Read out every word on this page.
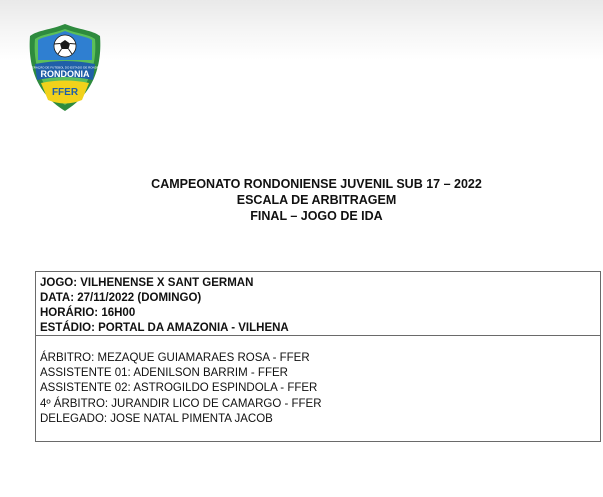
FEDERAÇÃO DE FUTEBOL DO ESTADO DE RONDÔNIA
RONDONIA
FFER
CAMPEONATO RONDONIENSE JUVENIL SUB 17 – 2022
ESCALA DE ARBITRAGEM
FINAL – JOGO DE IDA
JOGO: VILHENENSE X SANT GERMAN
DATA: 27/11/2022 (DOMINGO)
HORÁRIO: 16H00
ESTÁDIO: PORTAL DA AMAZONIA - VILHENA
ÁRBITRO: MEZAQUE GUIAMARAES ROSA - FFER
ASSISTENTE 01: ADENILSON BARRIM - FFER
ASSISTENTE 02: ASTROGILDO ESPINDOLA - FFER
4º ÁRBITRO: JURANDIR LICO DE CAMARGO - FFER
DELEGADO: JOSE NATAL PIMENTA JACOB
